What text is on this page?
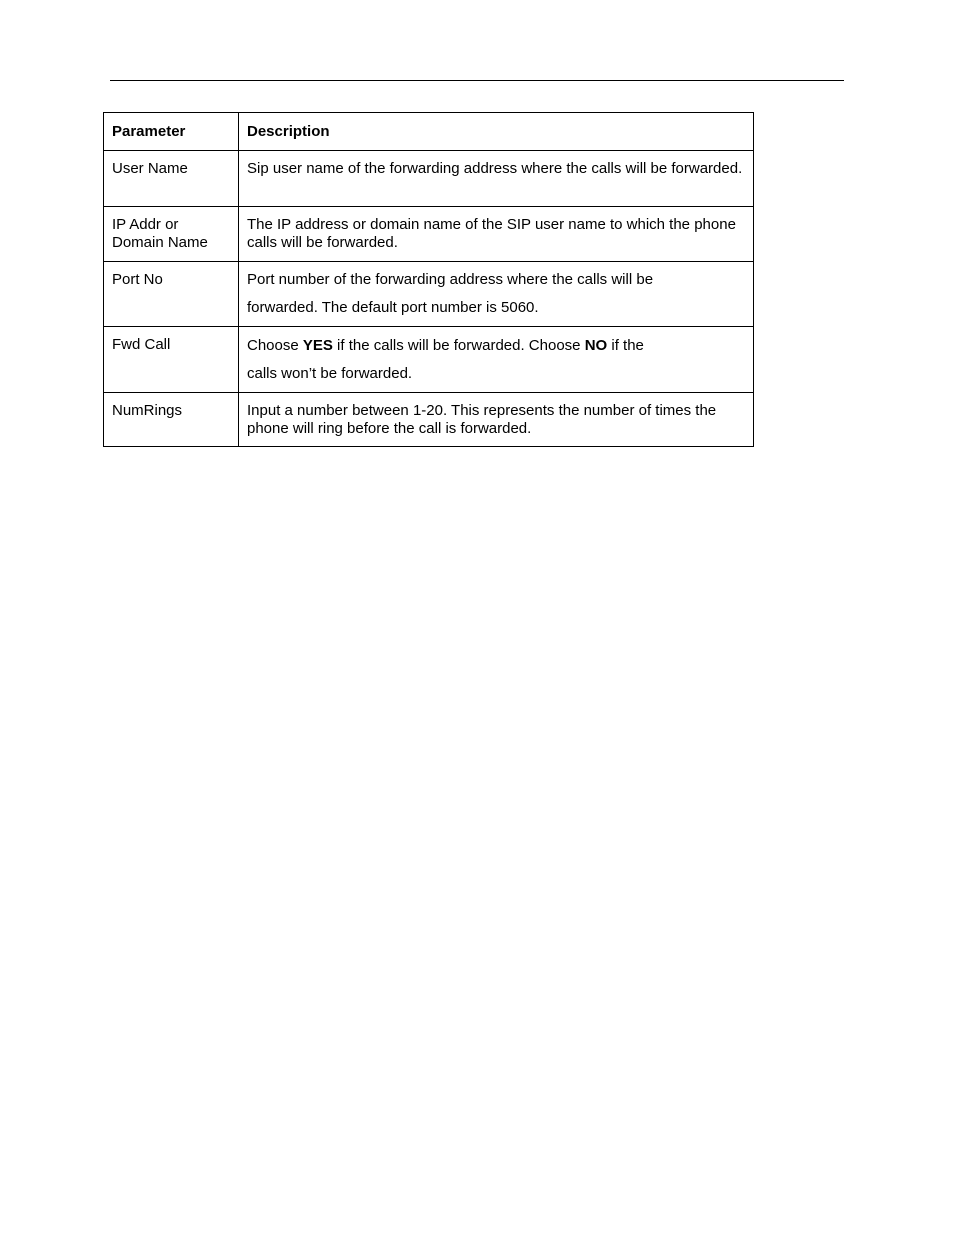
Parameter	Description
User Name	Sip user name of the forwarding address where the calls will be forwarded.
IP Addr or
Domain Name	The IP address or domain name of the SIP user name to which the phone calls will be forwarded.
Port No	Port number of the forwarding address where the calls will be
forwarded. The default port number is 5060.

Fwd Call	Choose YES if the calls will be forwarded. Choose NO if the
calls won’t be forwarded.

NumRings	Input a number between 1-20. This represents the number of times the phone will ring before the call is forwarded.
